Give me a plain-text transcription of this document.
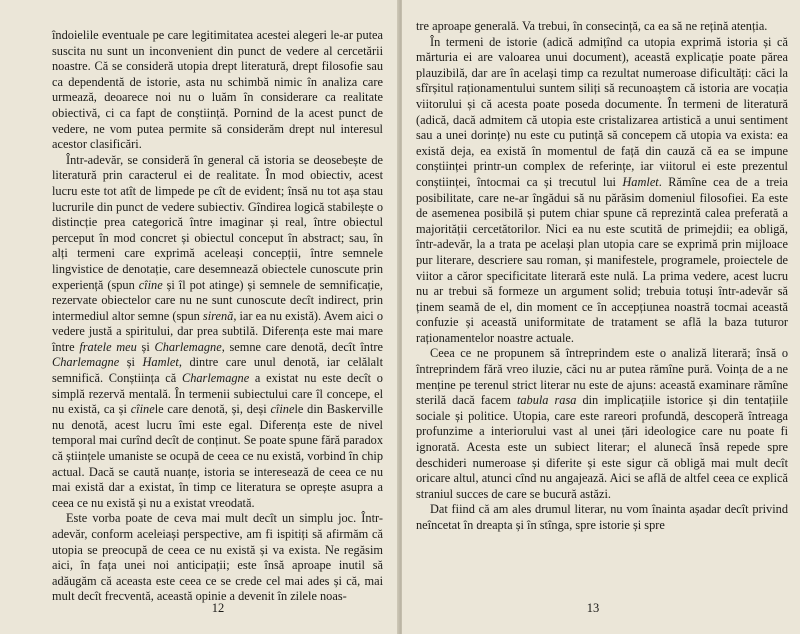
îndoielile eventuale pe care legitimitatea acestei alegeri le-ar putea suscita nu sunt un inconvenient din punct de vedere al cercetării noastre. Că se consideră utopia drept literatură, drept filosofie sau ca dependentă de istorie, asta nu schimbă nimic în analiza care urmează, deoarece noi nu o luăm în considerare ca realitate obiectivă, ci ca fapt de conștiință. Pornind de la acest punct de vedere, ne vom putea permite să considerăm drept nul interesul acestor clasificări.

Într-adevăr, se consideră în general că istoria se deosebește de literatură prin caracterul ei de realitate. În mod obiectiv, acest lucru este tot atît de limpede pe cît de evident; însă nu tot așa stau lucrurile din punct de vedere subiectiv. Gîndirea logică stabilește o distincție prea categorică între imaginar și real, între obiectul perceput în mod concret și obiectul conceput în abstract; sau, în alți termeni care exprimă aceleași concepții, între semnele lingvistice de denotație, care desemnează obiectele cunoscute prin experiență (spun cîine și îl pot atinge) și semnele de semnificație, rezervate obiectelor care nu ne sunt cunoscute decît indirect, prin intermediul altor semne (spun sirenă, iar ea nu există). Avem aici o vedere justă a spiritului, dar prea subtilă. Diferența este mai mare între fratele meu și Charlemagne, semne care denotă, decît între Charlemagne și Hamlet, dintre care unul denotă, iar celălalt semnifică. Conștiința că Charlemagne a existat nu este decît o simplă rezervă mentală. În termenii subiectului care îl concepe, el nu există, ca și cîinele care denotă, și, deși cîinele din Baskerville nu denotă, acest lucru îmi este egal. Diferența este de nivel temporal mai curînd decît de conținut. Se poate spune fără paradox că științele umaniste se ocupă de ceea ce nu există, vorbind în chip actual. Dacă se caută nuanțe, istoria se interesează de ceea ce nu mai există dar a existat, în timp ce literatura se oprește asupra a ceea ce nu există și nu a existat vreodată.

Este vorba poate de ceva mai mult decît un simplu joc. Într-adevăr, conform aceleiași perspective, am fi ispitiți să afirmăm că utopia se preocupă de ceea ce nu există și va exista. Ne regăsim aici, în fața unei noi anticipații; este însă aproape inutil să adăugăm că aceasta este ceea ce se crede cel mai ades și că, mai mult decît frecventă, această opinie a devenit în zilele noas-

12

tre aproape generală. Va trebui, în consecință, ca ea să ne rețină atenția.

În termeni de istorie (adică admițînd ca utopia exprimă istoria și că mărturia ei are valoarea unui document), această explicație poate părea plauzibilă, dar are în același timp ca rezultat numeroase dificultăți: căci la sfîrșitul raționamentului suntem siliți să recunoaștem că istoria are vocația viitorului și că acesta poate poseda documente. În termeni de literatură (adică, dacă admitem că utopia este cristalizarea artistică a unui sentiment sau a unei dorințe) nu este cu putință să concepem că utopia va exista: ea există deja, ea există în momentul de față din cauză că ea se impune conștiinței printr-un complex de referințe, iar viitorul ei este prezentul conștiinței, întocmai ca și trecutul lui Hamlet. Rămîne cea de a treia posibilitate, care ne-ar îngădui să nu părăsim domeniul filosofiei. Ea este de asemenea posibilă și putem chiar spune că reprezintă calea preferată a majorității cercetătorilor. Nici ea nu este scutită de primejdii; ea obligă, într-adevăr, la a trata pe același plan utopia care se exprimă prin mijloace pur literare, descriere sau roman, și manifestele, programele, proiectele de viitor a căror specificitate literară este nulă. La prima vedere, acest lucru nu ar trebui să formeze un argument solid; trebuia totuși într-adevăr să ținem seamă de el, din moment ce în accepțiunea noastră tocmai această confuzie și această uniformitate de tratament se află la baza tuturor raționamentelor noastre actuale.

Ceea ce ne propunem să întreprindem este o analiză literară; însă o întreprindem fără vreo iluzie, căci nu ar putea rămîne pură. Voința de a ne menține pe terenul strict literar nu este de ajuns: această examinare rămîne sterilă dacă facem tabula rasa din implicațiile istorice și din tentațiile sociale și politice. Utopia, care este rareori profundă, descoperă întreaga profunzime a interiorului vast al unei țări ideologice care nu poate fi ignorată. Acesta este un subiect literar; el alunecă însă repede spre deschideri numeroase și diferite și este sigur că obligă mai mult decît oricare altul, atunci cînd nu angajează. Aici se află de altfel ceea ce explică straniul succes de care se bucură astăzi.

Dat fiind că am ales drumul literar, nu vom înainta așadar decît privind neîncetat în dreapta și în stînga, spre istorie și spre

13
